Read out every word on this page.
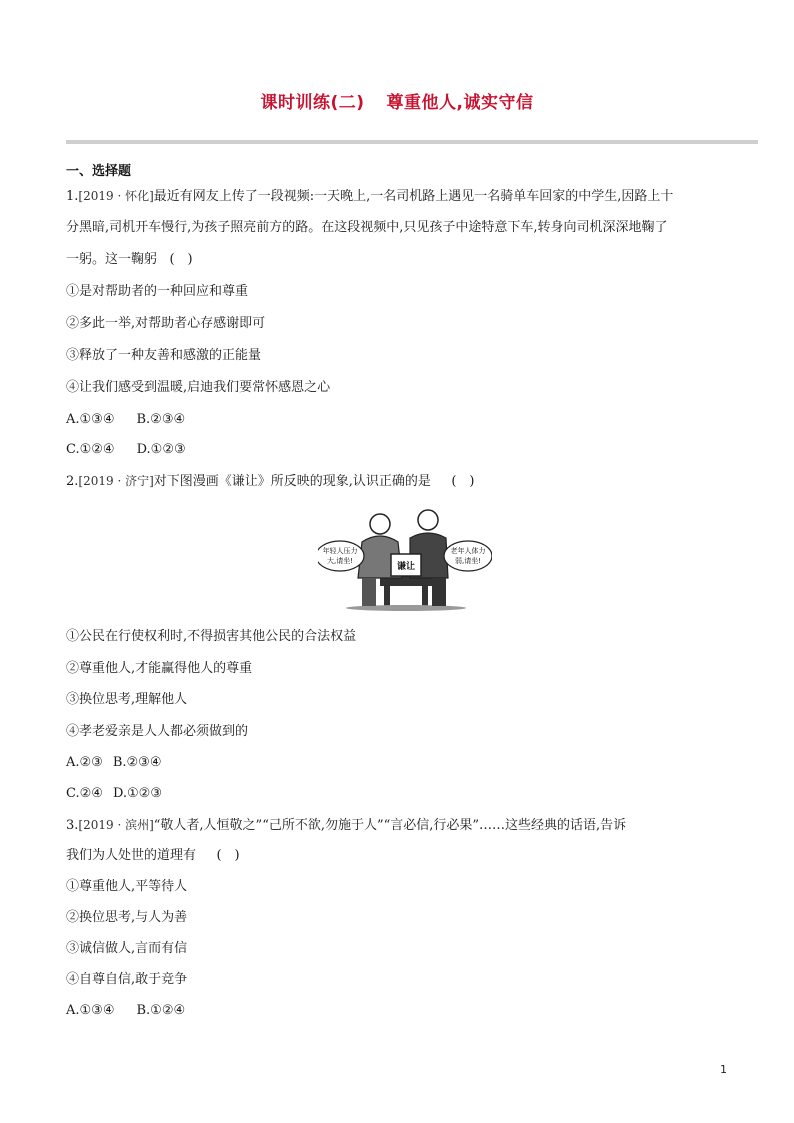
课时训练(二) 尊重他人,诚实守信
一、选择题
1.[2019 · 怀化]最近有网友上传了一段视频:一天晚上,一名司机路上遇见一名骑单车回家的中学生,因路上十
分黑暗,司机开车慢行,为孩子照亮前方的路。在这段视频中,只见孩子中途特意下车,转身向司机深深地鞠了
一躬。这一鞠躬 (　)
①是对帮助者的一种回应和尊重
②多此一举,对帮助者心存感谢即可
③释放了一种友善和感激的正能量
④让我们感受到温暖,启迪我们要常怀感恩之心
A.①③④ B.②③④
C.①②④ D.①②③
2.[2019 · 济宁]对下图漫画《谦让》所反映的现象,认识正确的是 (　)
谦让
年轻人压力
大,请坐!
老年人体力
弱,请坐!
①公民在行使权利时,不得损害其他公民的合法权益
②尊重他人,才能赢得他人的尊重
③换位思考,理解他人
④孝老爱亲是人人都必须做到的
A.②③ B.②③④
C.②④ D.①②③
3.[2019 · 滨州]“敬人者,人恒敬之”“己所不欲,勿施于人”“言必信,行必果”……这些经典的话语,告诉
我们为人处世的道理有 (　)
①尊重他人,平等待人
②换位思考,与人为善
③诚信做人,言而有信
④自尊自信,敢于竞争
A.①③④ B.①②④
1
